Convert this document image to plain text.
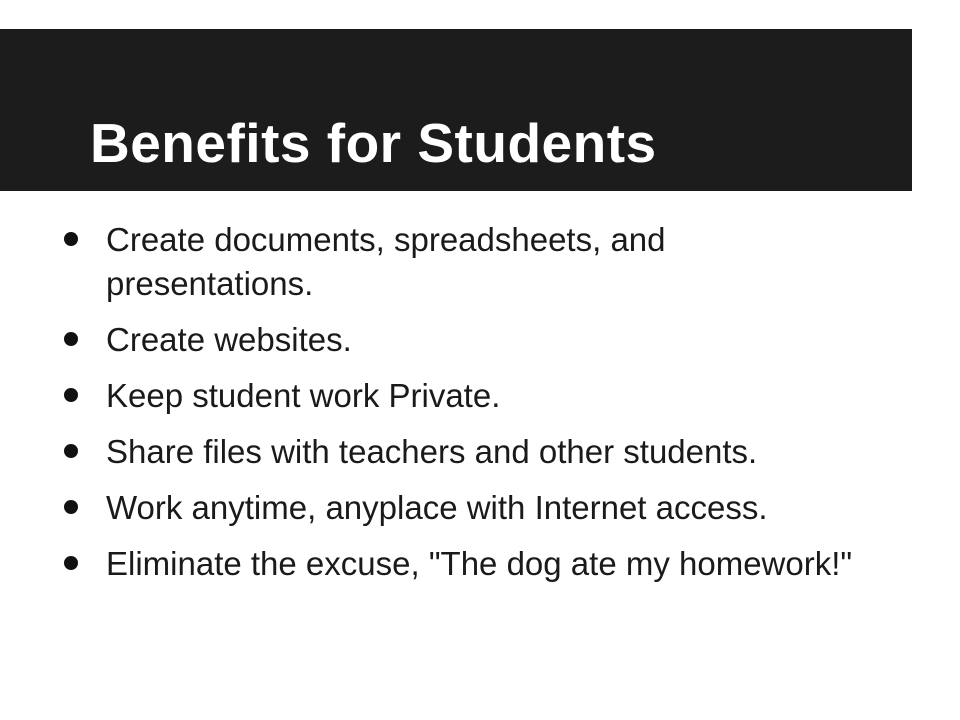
Benefits for Students
Create documents, spreadsheets, and presentations.
Create websites.
Keep student work Private.
Share files with teachers and other students.
Work anytime, anyplace with Internet access.
Eliminate the excuse, "The dog ate my homework!"
